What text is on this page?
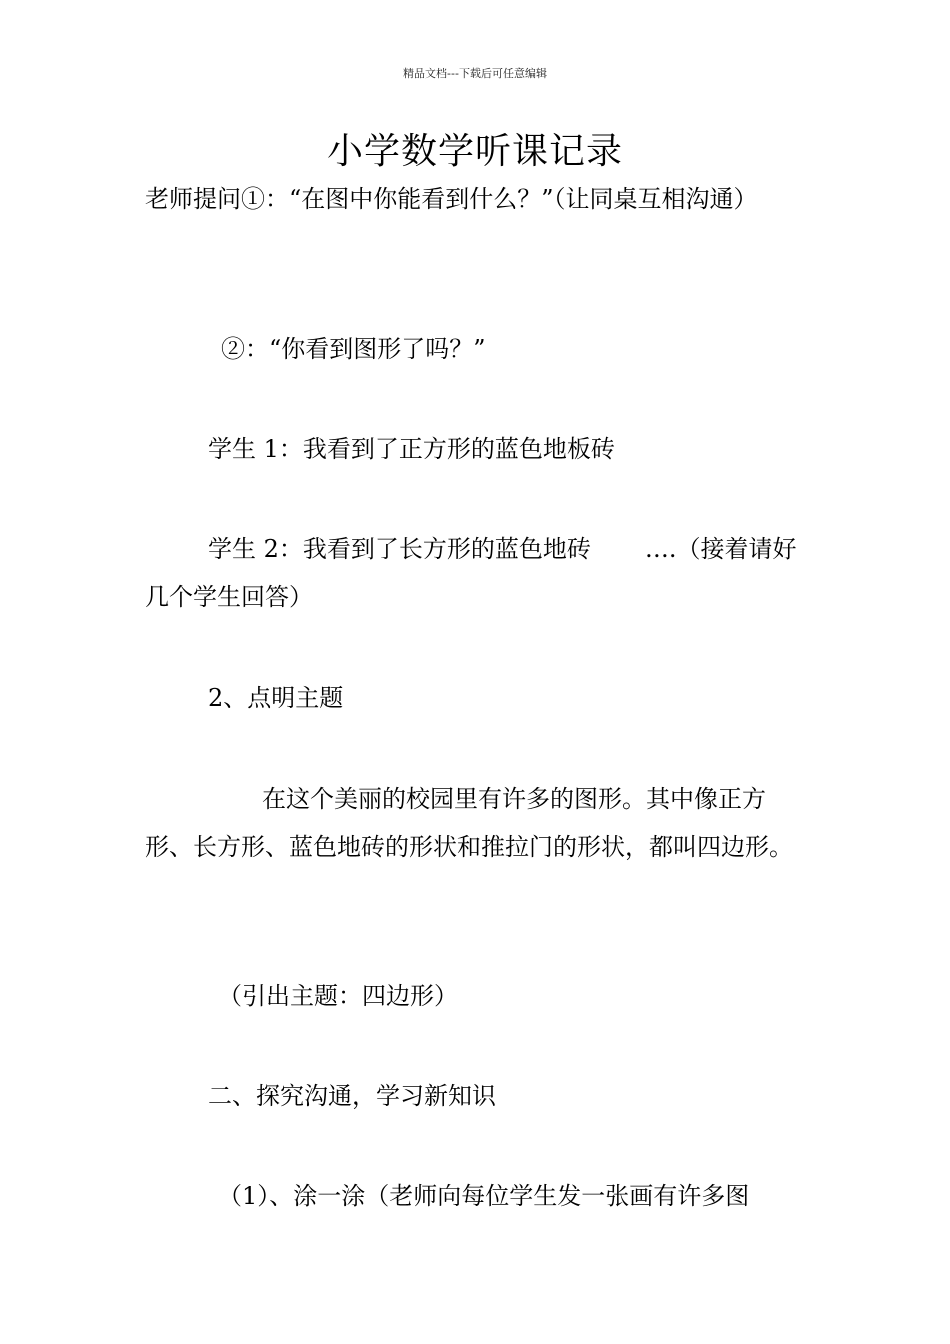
精品文档---下载后可任意编辑
小学数学听课记录

老师提问①：“在图中你能看到什么？”（让同桌互相沟通）

②：“你看到图形了吗？”

学生 1：我看到了正方形的蓝色地板砖

学生 2：我看到了长方形的蓝色地砖 ….（接着请好几个学生回答）

2、点明主题

在这个美丽的校园里有许多的图形。其中像正方形、长方形、蓝色地砖的形状和推拉门的形状，都叫四边形。

（引出主题：四边形）

二、探究沟通，学习新知识

（1）、涂一涂（老师向每位学生发一张画有许多图
